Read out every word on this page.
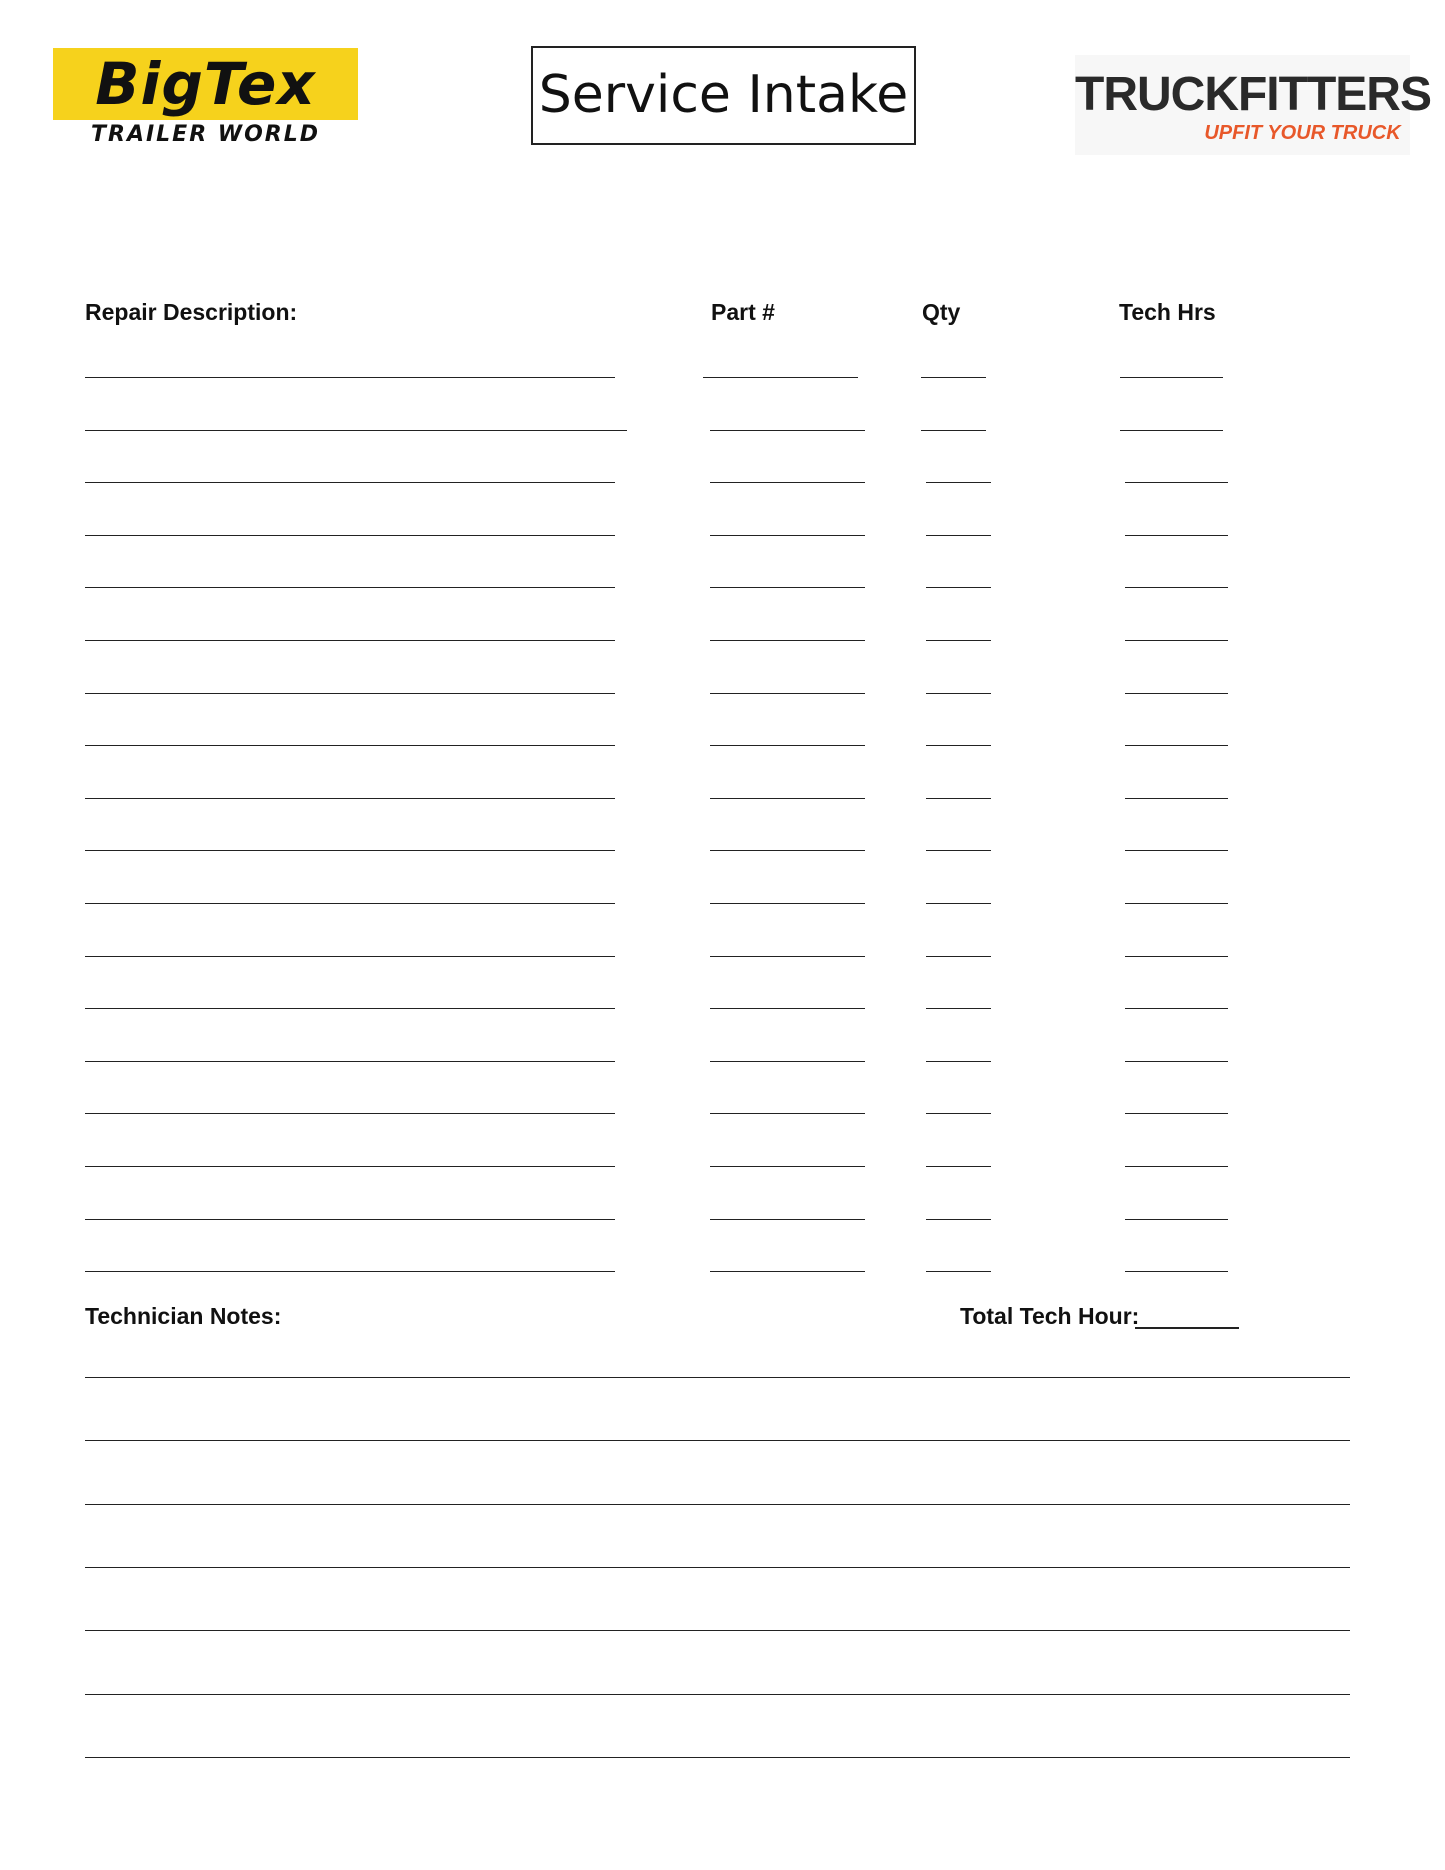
BigTex
TRAILER WORLD
Service Intake	TRUCKFITTERS
UPFIT YOUR TRUCK
Repair Description:	Part #	Qty	Tech Hrs
Technician Notes:	Total Tech Hour:
